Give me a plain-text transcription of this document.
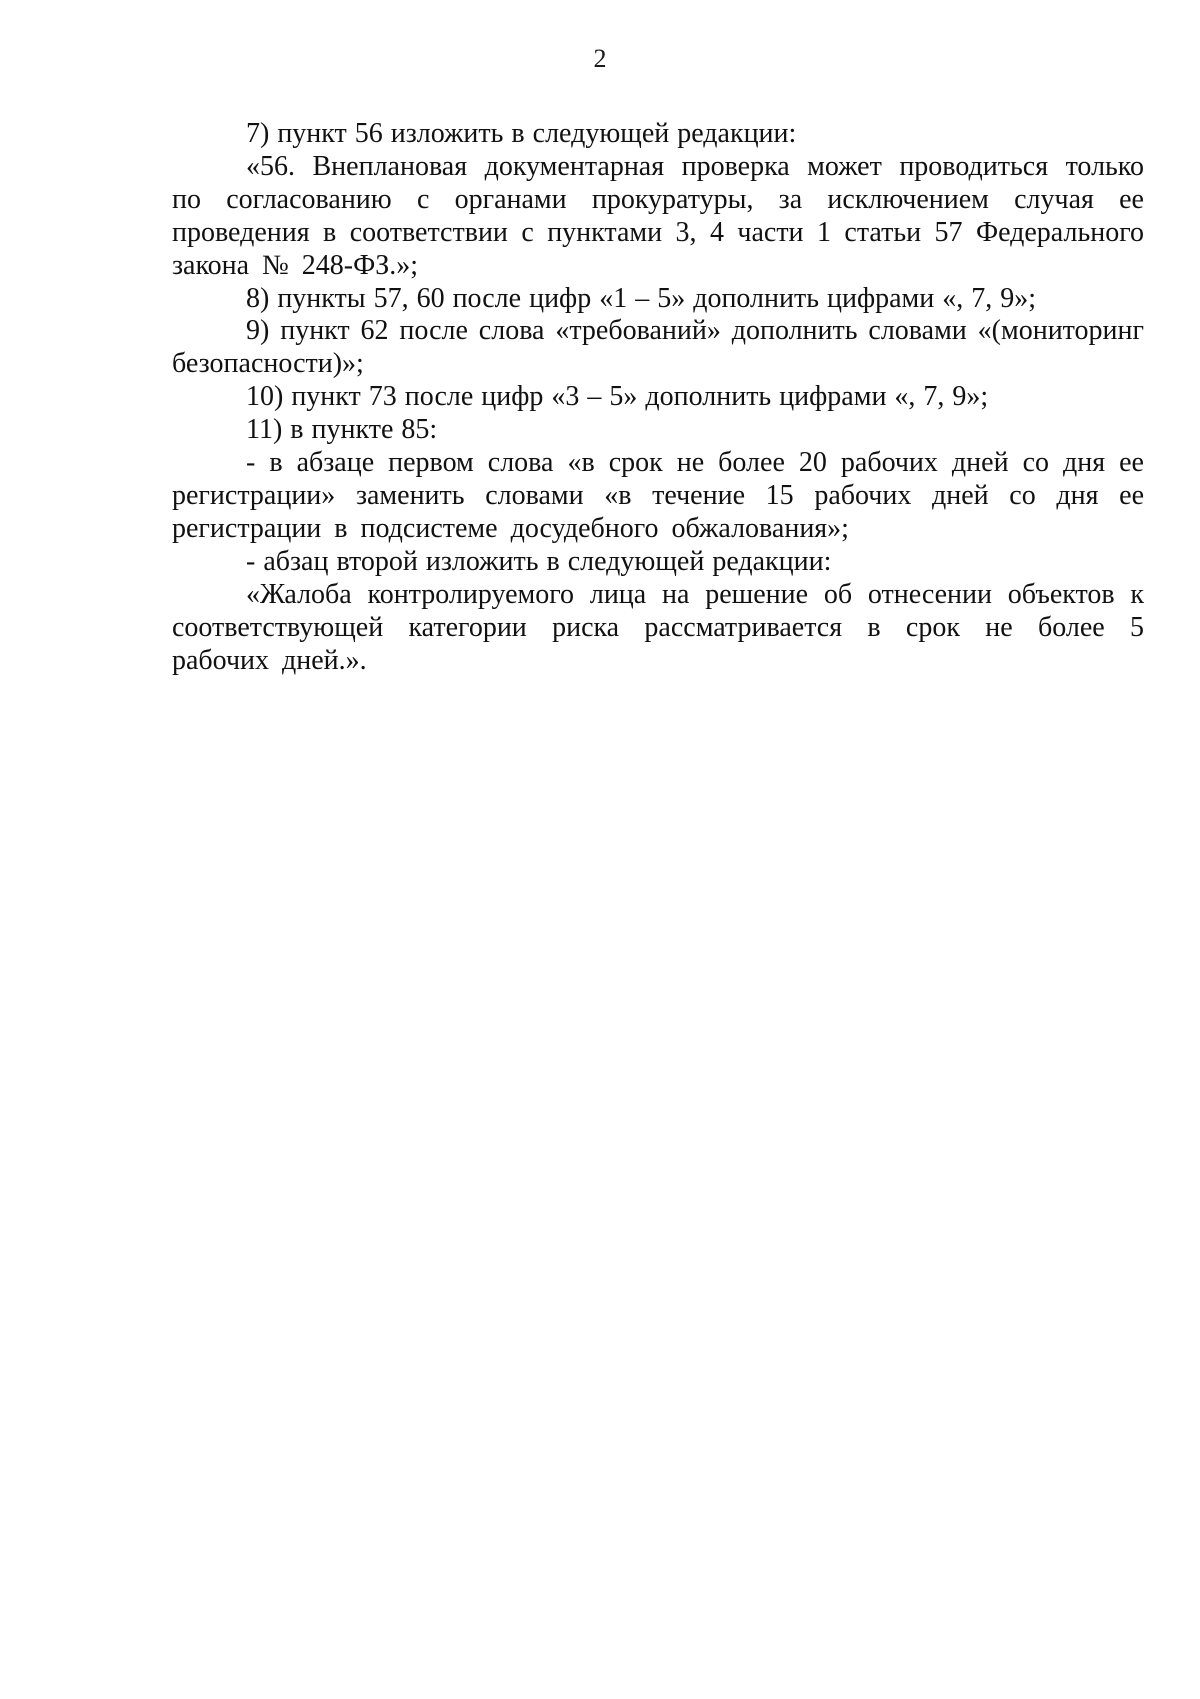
2

7) пункт 56 изложить в следующей редакции:

«56. Внеплановая документарная проверка может проводиться только по согласованию с органами прокуратуры, за исключением случая ее проведения в соответствии с пунктами 3, 4 части 1 статьи 57 Федерального закона № 248-ФЗ.»;

8) пункты 57, 60 после цифр «1 – 5» дополнить цифрами «, 7, 9»;

9) пункт 62 после слова «требований» дополнить словами «(мониторинг безопасности)»;

10) пункт 73 после цифр «3 – 5» дополнить цифрами «, 7, 9»;

11) в пункте 85:

- в абзаце первом слова «в срок не более 20 рабочих дней со дня ее регистрации» заменить словами «в течение 15 рабочих дней со дня ее регистрации в подсистеме досудебного обжалования»;

- абзац второй изложить в следующей редакции:

«Жалоба контролируемого лица на решение об отнесении объектов к соответствующей категории риска рассматривается в срок не более 5 рабочих дней.».
